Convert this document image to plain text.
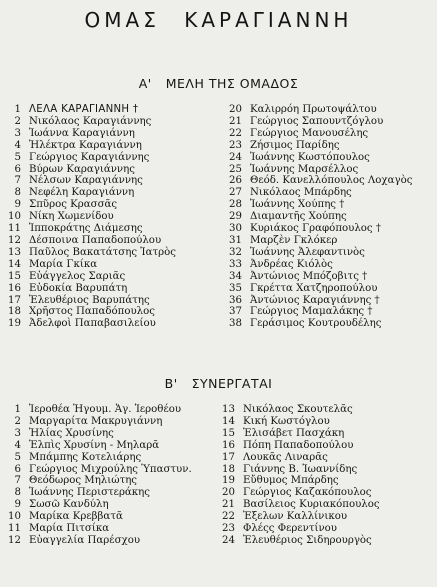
ΟΜΑΣ ΚΑΡΑΓΙΑΝΝΗ
Α' ΜΕΛΗ ΤΗΣ ΟΜΑΔΟΣ
1 ΛΕΛΑ ΚΑΡΑΓΙΑΝΝΗ †
2 Νικόλαος Καραγιάννης
3 Ἰωάννα Καραγιάννη
4 Ἠλέκτρα Καραγιάννη
5 Γεώργιος Καραγιάννης
6 Βύρων Καραγιάννης
7 Νέλσων Καραγιάννης
8 Νεφέλη Καραγιάννη
9 Σπῦρος Κρασσᾶς
10 Νίκη Χωμενίδου
11 Ἱπποκράτης Διάμεσης
12 Δέσποινα Παπαδοπούλου
13 Παῦλος Βακατάτσης Ἰατρὸς
14 Μαρία Γκίκα
15 Εὐάγγελος Σαριᾶς
16 Εὐδοκία Βαρυπάτη
17 Ἐλευθέριος Βαρυπάτης
18 Χρῆστος Παπαδόπουλος
19 Ἀδελφοὶ Παπαβασιλείου
20 Καλιρρόη Πρωτοψάλτου
21 Γεώργιος Σαπουντζόγλου
22 Γεώργιος Μανουσέλης
23 Ζήσιμος Παρίδης
24 Ἰωάννης Κωστόπουλος
25 Ἰωάννης Μαρσέλλος
26 Θεόδ. Κανελλόπουλος Λοχαγὸς
27 Νικόλαος Μπάρδης
28 Ἰωάννης Χούπης †
29 Διαμαντῆς Χούπης
30 Κυριάκος Γραφόπουλος †
31 Μαρζὲν Γκλόκερ
32 Ἰωάννης Ἀλεφαντινὸς
33 Ἀνδρέας Κιόλὸς
34 Ἀντώνιος Μπόζοβιτς †
35 Γκρέττα Χατζηροπούλου
36 Ἀντώνιος Καραγιάννης †
37 Γεώργιος Μαμαλάκης †
38 Γεράσιμος Κουτρουδέλης
Β' ΣΥΝΕΡΓΑΤΑΙ
1 Ἱεροθέα Ἡγουμ. Ἁγ. Ἱεροθέου
2 Μαργαρίτα Μακρυγιάννη
3 Ἠλίας Χρυσίνης
4 Ἐλπὶς Χρυσίνη - Μηλαρᾶ
5 Μπάμπης Κοτελιάρης
6 Γεώργιος Μιχρούλης Ὑπαστυν.
7 Θεόδωρος Μηλιώτης
8 Ἰωάννης Περιστεράκης
9 Σωσῶ Κανδύλη
10 Μαρίκα Κρεββατᾶ
11 Μαρία Πιτσίκα
12 Εὐαγγελία Παρέσχου
13 Νικόλαος Σκουτελᾶς
14 Κική Κωστόγλου
15 Ἐλισάβετ Πασχάκη
16 Πόπη Παπαδοπούλου
17 Λουκᾶς Λιναρᾶς
18 Γιάννης Β. Ἰωαννίδης
19 Εὔθυμος Μπάρδης
20 Γεώργιος Καζακόπουλος
21 Βασίλειος Κυριακόπουλος
22 Ἐξελων Καλλίνικου
23 Φλέςς Φερεντίνου
24 Ἐλευθέριος Σιδηρουργὸς
